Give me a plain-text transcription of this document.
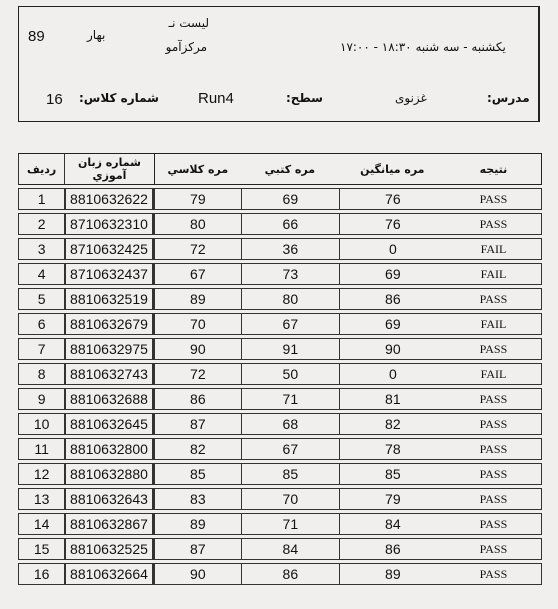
89	بهار
لیست نـ
مرکزآمو	یکشنبه - سه شنبه ۱۸:۳۰ - ۱۷:۰۰
16 شماره کلاس:	Run4	سطح:	غزنوی	مدرس:
نتيجه	مره ميانگين	مره كتبي	مره كلاسي	شماره زبان آموزي	رديف
PASS	76	69	79	8810632622	1
PASS	76	66	80	8710632310	2
FAIL	0	36	72	8710632425	3
FAIL	69	73	67	8710632437	4
PASS	86	80	89	8810632519	5
FAIL	69	67	70	8810632679	6
PASS	90	91	90	8810632975	7
FAIL	0	50	72	8810632743	8
PASS	81	71	86	8810632688	9
PASS	82	68	87	8810632645	10
PASS	78	67	82	8810632800	11
PASS	85	85	85	8810632880	12
PASS	79	70	83	8810632643	13
PASS	84	71	89	8810632867	14
PASS	86	84	87	8810632525	15
PASS	89	86	90	8810632664	16
